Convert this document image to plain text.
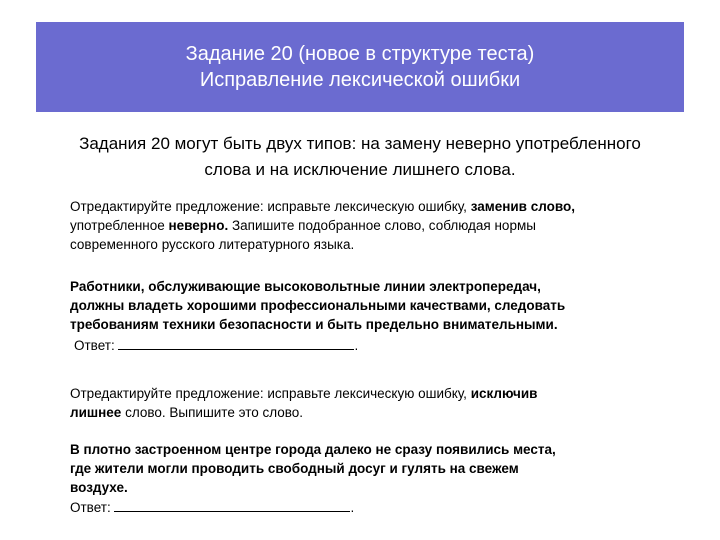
Задание 20 (новое в структуре теста)
Исправление лексической ошибки
Задания 20 могут быть двух типов: на замену неверно употребленного
слова и на исключение лишнего слова.
Отредактируйте предложение: исправьте лексическую ошибку, заменив слово,
употребленное неверно. Запишите подобранное слово, соблюдая нормы
современного русского литературного языка.
Работники, обслуживающие высоковольтные линии электропередач,
должны владеть хорошими профессиональными качествами, следовать
требованиям техники безопасности и быть предельно внимательными.
Ответ:	.
Отредактируйте предложение: исправьте лексическую ошибку, исключив
лишнее слово. Выпишите это слово.
В плотно застроенном центре города далеко не сразу появились места,
где жители могли проводить свободный досуг и гулять на свежем
воздухе.
Ответ:	.
